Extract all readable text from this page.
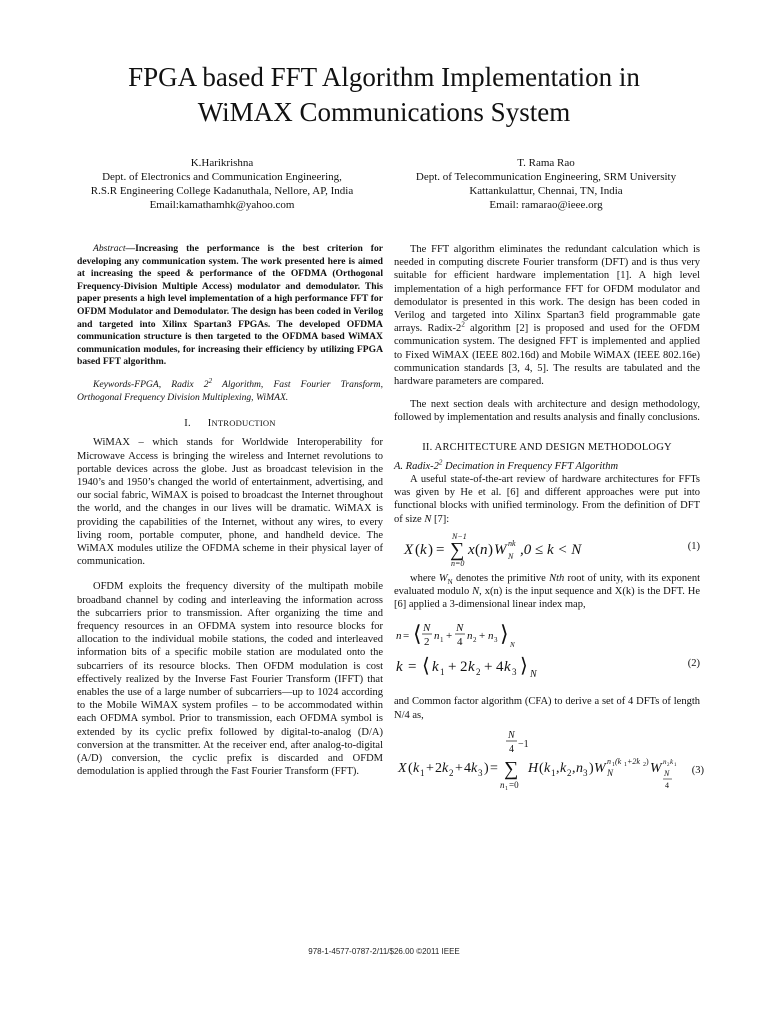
FPGA based FFT Algorithm Implementation in
WiMAX Communications System
K.Harikrishna
Dept. of Electronics and Communication Engineering,
R.S.R Engineering College Kadanuthala, Nellore, AP, India
Email:kamathamhk@yahoo.com
T. Rama Rao
Dept. of Telecommunication Engineering, SRM University
Kattankulattur, Chennai, TN, India
Email: ramarao@ieee.org

Abstract—Increasing the performance is the best criterion for developing any communication system. The work presented here is aimed at increasing the speed & performance of the OFDMA (Orthogonal Frequency-Division Multiple Access) modulator and demodulator. This paper presents a high level implementation of a high performance FFT for OFDM Modulator and Demodulator. The design has been coded in Verilog and targeted into Xilinx Spartan3 FPGAs. The developed OFDMA communication structure is then targeted to the OFDMA based WiMAX communication modules, for increasing their efficiency by utilizing FPGA based FFT algorithm.

Keywords-FPGA, Radix $2^2$ Algorithm, Fast Fourier Transform, Orthogonal Frequency Division Multiplexing, WiMAX.

I. INTRODUCTION

WiMAX – which stands for Worldwide Interoperability for Microwave Access is bringing the wireless and Internet revolutions to portable devices across the globe. Just as broadcast television in the 1940’s and 1950’s changed the world of entertainment, advertising, and our social fabric, WiMAX is poised to broadcast the Internet throughout the world, and the changes in our lives will be dramatic. WiMAX is providing the capabilities of the Internet, without any wires, to every living room, portable computer, phone, and handheld device. The WiMAX modules utilize the OFDMA scheme in their physical layer of communication.

OFDM exploits the frequency diversity of the multipath mobile broadband channel by coding and interleaving the information across the subcarriers prior to transmission. After organizing the time and frequency resources in an OFDMA system into resource blocks for allocation to the individual mobile stations, the coded and interleaved information bits of a specific mobile station are modulated onto the subcarriers of its resource blocks. Then OFDM modulation is cost effectively realized by the Inverse Fast Fourier Transform (IFFT) that enables the use of a large number of subcarriers—up to 1024 according to the Mobile WiMAX system profiles – to be accommodated within each OFDMA symbol. Prior to transmission, each OFDMA symbol is extended by its cyclic prefix followed by digital-to-analog (D/A) conversion at the transmitter. At the receiver end, after analog-to-digital (A/D) conversion, the cyclic prefix is discarded and OFDM demodulation is applied through the Fast Fourier Transform (FFT).

The FFT algorithm eliminates the redundant calculation which is needed in computing discrete Fourier transform (DFT) and is thus very suitable for efficient hardware implementation [1]. A high level implementation of a high performance FFT for OFDM modulator and demodulator is presented in this work. The design has been coded in Verilog and targeted into Xilinx Spartan3 field programmable gate arrays. Radix-$2^2$ algorithm [2] is proposed and used for the OFDM communication system. The designed FFT is implemented and applied to Fixed WiMAX (IEEE 802.16d) and Mobile WiMAX (IEEE 802.16e) communication standards [3, 4, 5]. The results are tabulated and the hardware parameters are compared.

The next section deals with architecture and design methodology, followed by implementation and results analysis and finally conclusions.

II. ARCHITECTURE AND DESIGN METHODOLOGY

A. Radix-$2^2$ Decimation in Frequency FFT Algorithm

A useful state-of-the-art review of hardware architectures for FFTs was given by He et al. [6] and different approaches were put into functional blocks with unified terminology. From the definition of DFT of size N [7]:

X ( k ) = ∑
N−1
n=0
x ( n ) W nk
N ,0 ≤ k < N	(1)

where $W_N$ denotes the primitive Nth root of unity, with its exponent evaluated modulo N, x(n) is the input sequence and X(k) is the DFT. He [6] applied a 3-dimensional linear index map,

n = ⟨ N
2 n 1 +
N
4 n 2 + n 3 ⟩ N
k = ⟨ k 1 + 2 k 2 + 4 k 3 ⟩ N
(2)

and Common factor algorithm (CFA) to derive a set of 4 DFTs of length N/4 as,

X ( k 1 + 2 k 2 + 4 k 3 ) = ∑
N
4 −1
n 1 =0
H ( k 1 , k 2 , n 3 ) W N
n 1 (k 1 +2k 2 ) W N
4
n 2 k 1 (3)
978-1-4577-0787-2/11/$26.00 ©2011 IEEE
